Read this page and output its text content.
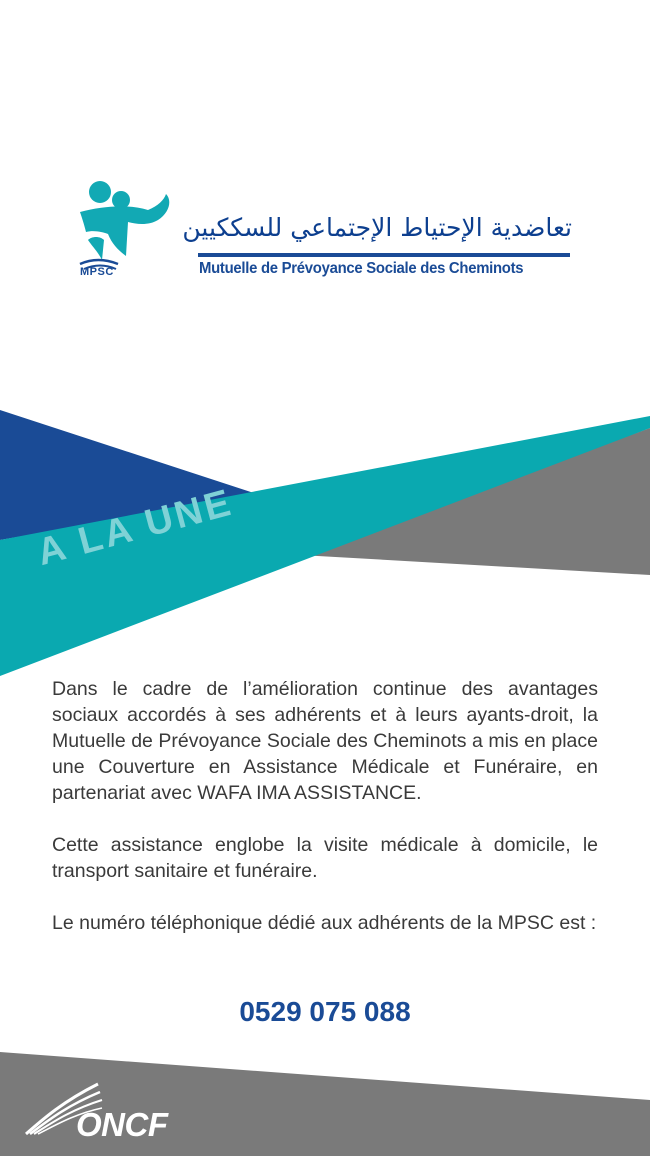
MPSC
تعاضدية الإحتياط الإجتماعي للسككيين
Mutuelle de Prévoyance Sociale des Cheminots
A LA UNE

Dans le cadre de l’amélioration continue des avantages sociaux accordés à ses adhérents et à leurs ayants-droit, la Mutuelle de Prévoyance Sociale des Cheminots a mis en place une Couverture en Assistance Médicale et Funéraire, en partenariat avec WAFA IMA ASSISTANCE.

Cette assistance englobe la visite médicale à domicile, le transport sanitaire et funéraire.

Le numéro téléphonique dédié aux adhérents de la MPSC est :

0529 075 088
ONCF
